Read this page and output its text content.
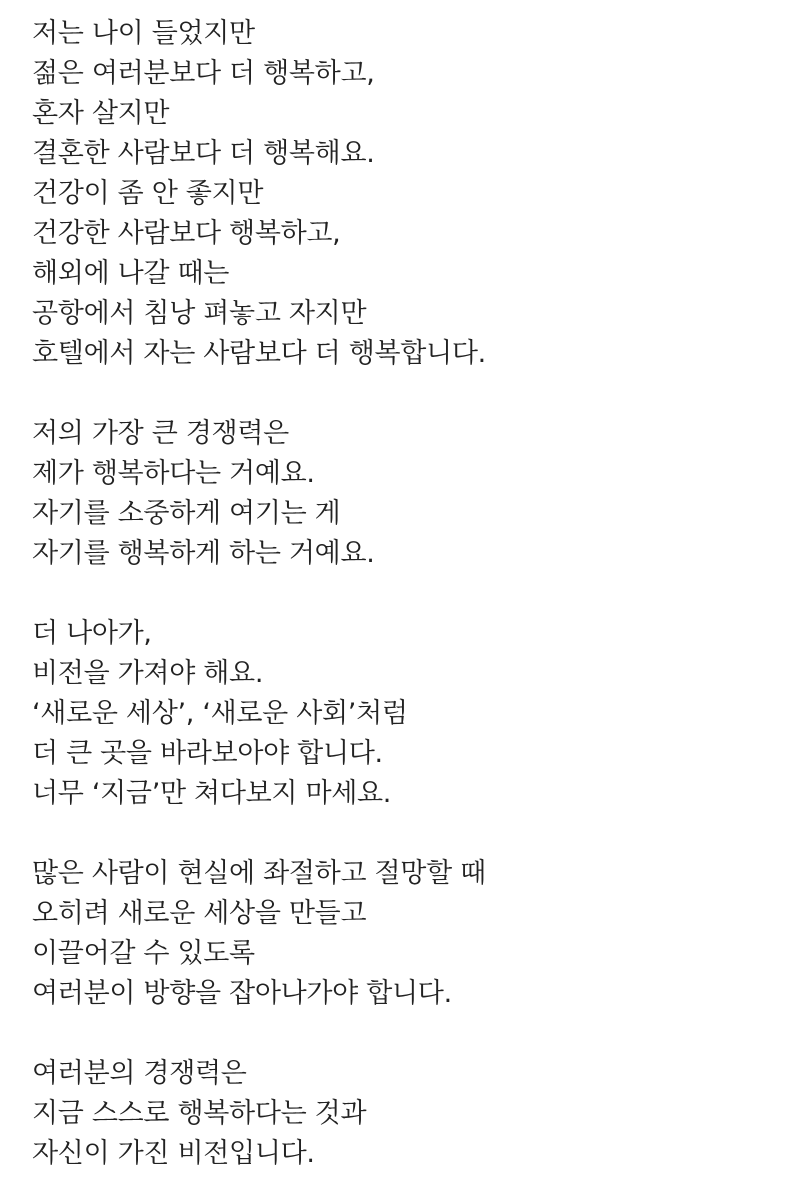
저는 나이 들었지만
젊은 여러분보다 더 행복하고,
혼자 살지만
결혼한 사람보다 더 행복해요.
건강이 좀 안 좋지만
건강한 사람보다 행복하고,
해외에 나갈 때는
공항에서 침낭 펴놓고 자지만
호텔에서 자는 사람보다 더 행복합니다.
저의 가장 큰 경쟁력은
제가 행복하다는 거예요.
자기를 소중하게 여기는 게
자기를 행복하게 하는 거예요.
더 나아가,
비전을 가져야 해요.
‘새로운 세상’, ‘새로운 사회’처럼
더 큰 곳을 바라보아야 합니다.
너무 ‘지금’만 쳐다보지 마세요.
많은 사람이 현실에 좌절하고 절망할 때
오히려 새로운 세상을 만들고
이끌어갈 수 있도록
여러분이 방향을 잡아나가야 합니다.
여러분의 경쟁력은
지금 스스로 행복하다는 것과
자신이 가진 비전입니다.
